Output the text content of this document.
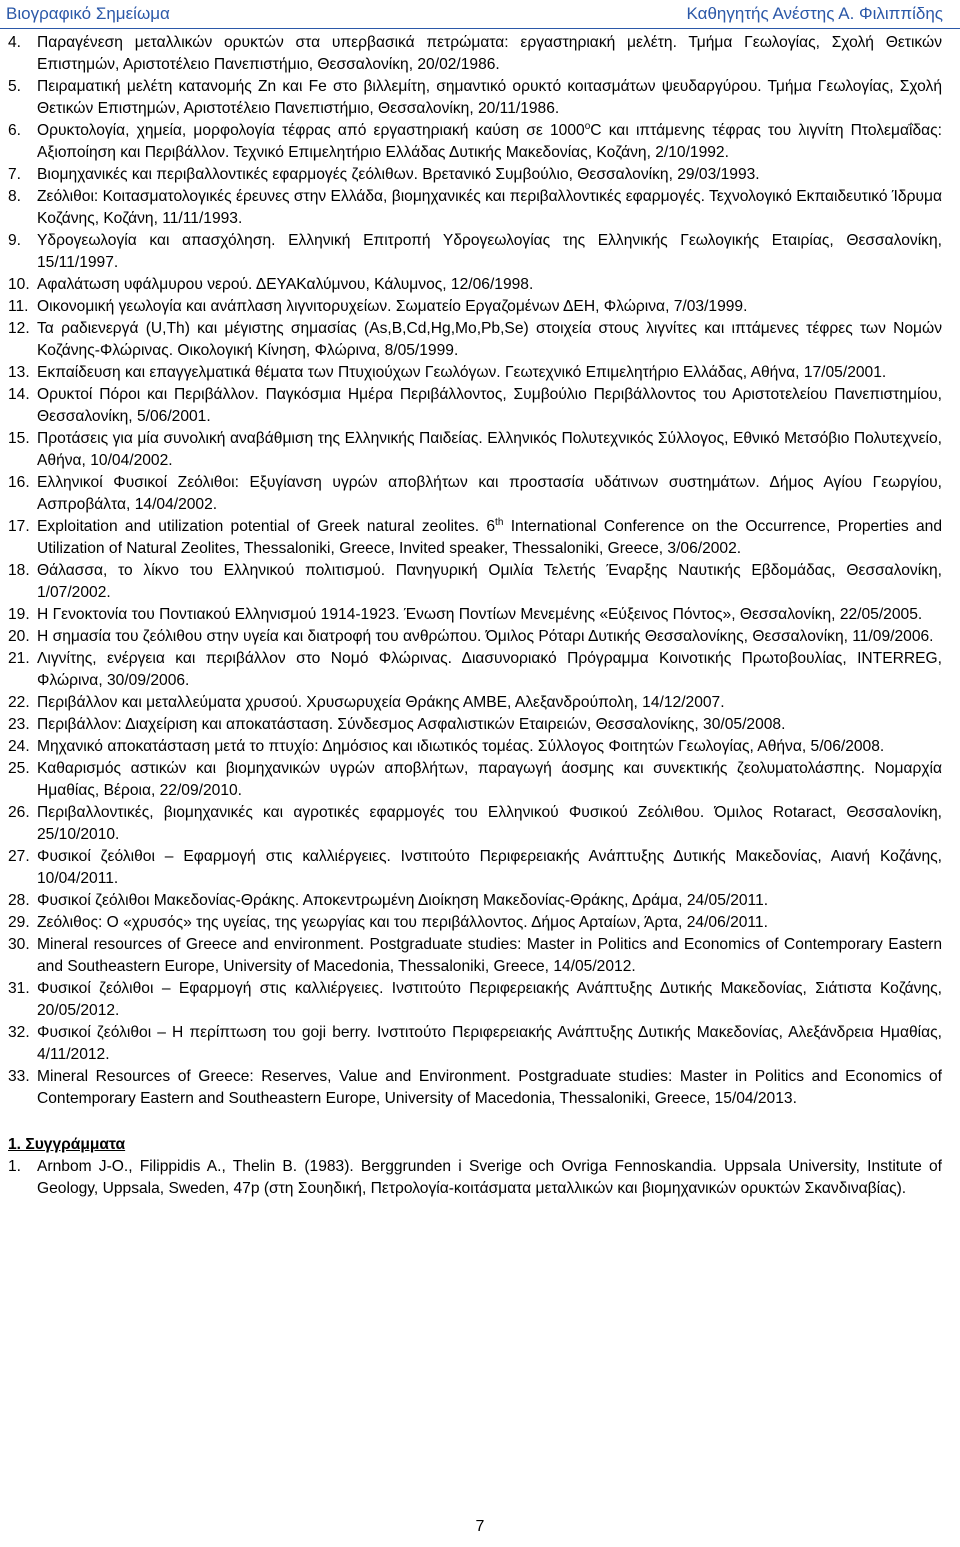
Βιογραφικό Σημείωμα	Καθηγητής Ανέστης Α. Φιλιππίδης
4.	Παραγένεση μεταλλικών ορυκτών στα υπερβασικά πετρώματα: εργαστηριακή μελέτη. Τμήμα Γεωλογίας, Σχολή Θετικών Επιστημών, Αριστοτέλειο Πανεπιστήμιο, Θεσσαλονίκη, 20/02/1986.
5.	Πειραματική μελέτη κατανομής Zn και Fe στο βιλλεμίτη, σημαντικό ορυκτό κοιτασμάτων ψευδαργύρου. Τμήμα Γεωλογίας, Σχολή Θετικών Επιστημών, Αριστοτέλειο Πανεπιστήμιο, Θεσσαλονίκη, 20/11/1986.
6.	Ορυκτολογία, χημεία, μορφολογία τέφρας από εργαστηριακή καύση σε $1000^oC$ και ιπτάμενης τέφρας του λιγνίτη Πτολεμαΐδας: Αξιοποίηση και Περιβάλλον. Τεχνικό Επιμελητήριο Ελλάδας Δυτικής Μακεδονίας, Κοζάνη, 2/10/1992.
7.	Βιομηχανικές και περιβαλλοντικές εφαρμογές ζεόλιθων. Βρετανικό Συμβούλιο, Θεσσαλονίκη, 29/03/1993.
8.	Ζεόλιθοι: Κοιτασματολογικές έρευνες στην Ελλάδα, βιομηχανικές και περιβαλλοντικές εφαρμογές. Τεχνολογικό Εκπαιδευτικό Ίδρυμα Κοζάνης, Κοζάνη, 11/11/1993.
9.	Υδρογεωλογία και απασχόληση. Ελληνική Επιτροπή Υδρογεωλογίας της Ελληνικής Γεωλογικής Εταιρίας, Θεσσαλονίκη, 15/11/1997.
10. Αφαλάτωση υφάλμυρου νερού. ΔΕΥΑΚαλύμνου, Κάλυμνος, 12/06/1998.
11. Οικονομική γεωλογία και ανάπλαση λιγνιτορυχείων. Σωματείο Εργαζομένων ΔΕΗ, Φλώρινα, 7/03/1999.
12. Τα ραδιενεργά (U,Th) και μέγιστης σημασίας (As,B,Cd,Hg,Mo,Pb,Se) στοιχεία στους λιγνίτες και ιπτάμενες τέφρες των Νομών Κοζάνης-Φλώρινας. Οικολογική Κίνηση, Φλώρινα, 8/05/1999.
13. Εκπαίδευση και επαγγελματικά θέματα των Πτυχιούχων Γεωλόγων. Γεωτεχνικό Επιμελητήριο Ελλάδας, Αθήνα, 17/05/2001.
14. Ορυκτοί Πόροι και Περιβάλλον. Παγκόσμια Ημέρα Περιβάλλοντος, Συμβούλιο Περιβάλλοντος του Αριστοτελείου Πανεπιστημίου, Θεσσαλονίκη, 5/06/2001.
15. Προτάσεις για μία συνολική αναβάθμιση της Ελληνικής Παιδείας. Ελληνικός Πολυτεχνικός Σύλλογος, Εθνικό Μετσόβιο Πολυτεχνείο, Αθήνα, 10/04/2002.
16. Ελληνικοί Φυσικοί Ζεόλιθοι: Εξυγίανση υγρών αποβλήτων και προστασία υδάτινων συστημάτων. Δήμος Αγίου Γεωργίου, Ασπροβάλτα, 14/04/2002.
17. Exploitation and utilization potential of Greek natural zeolites. 6th International Conference on the Occurrence, Properties and Utilization of Natural Zeolites, Thessaloniki, Greece, Invited speaker, Thessaloniki, Greece, 3/06/2002.
18. Θάλασσα, το λίκνο του Ελληνικού πολιτισμού. Πανηγυρική Ομιλία Τελετής Έναρξης Ναυτικής Εβδομάδας, Θεσσαλονίκη, 1/07/2002.
19. Η Γενοκτονία του Ποντιακού Ελληνισμού 1914-1923. Ένωση Ποντίων Μενεμένης «Εύξεινος Πόντος», Θεσσαλονίκη, 22/05/2005.
20. Η σημασία του ζεόλιθου στην υγεία και διατροφή του ανθρώπου. Όμιλος Ρόταρι Δυτικής Θεσσαλονίκης, Θεσσαλονίκη, 11/09/2006.
21. Λιγνίτης, ενέργεια και περιβάλλον στο Νομό Φλώρινας. Διασυνοριακό Πρόγραμμα Κοινοτικής Πρωτοβουλίας, INTERREG, Φλώρινα, 30/09/2006.
22. Περιβάλλον και μεταλλεύματα χρυσού. Χρυσωρυχεία Θράκης ΑΜΒΕ, Αλεξανδρούπολη, 14/12/2007.
23. Περιβάλλον: Διαχείριση και αποκατάσταση. Σύνδεσμος Ασφαλιστικών Εταιρειών, Θεσσαλονίκης, 30/05/2008.
24. Μηχανικό αποκατάσταση μετά το πτυχίο: Δημόσιος και ιδιωτικός τομέας. Σύλλογος Φοιτητών Γεωλογίας, Αθήνα, 5/06/2008.
25. Καθαρισμός αστικών και βιομηχανικών υγρών αποβλήτων, παραγωγή άοσμης και συνεκτικής ζεολυματολάσπης. Νομαρχία Ημαθίας, Βέροια, 22/09/2010.
26. Περιβαλλοντικές, βιομηχανικές και αγροτικές εφαρμογές του Ελληνικού Φυσικού Ζεόλιθου. Όμιλος Rotaract, Θεσσαλονίκη, 25/10/2010.
27. Φυσικοί ζεόλιθοι – Εφαρμογή στις καλλιέργειες. Ινστιτούτο Περιφερειακής Ανάπτυξης Δυτικής Μακεδονίας, Αιανή Κοζάνης, 10/04/2011.
28. Φυσικοί ζεόλιθοι Μακεδονίας-Θράκης. Αποκεντρωμένη Διοίκηση Μακεδονίας-Θράκης, Δράμα, 24/05/2011.
29. Ζεόλιθος: Ο «χρυσός» της υγείας, της γεωργίας και του περιβάλλοντος. Δήμος Αρταίων, Άρτα, 24/06/2011.
30. Mineral resources of Greece and environment. Postgraduate studies: Master in Politics and Economics of Contemporary Eastern and Southeastern Europe, University of Macedonia, Thessaloniki, Greece, 14/05/2012.
31. Φυσικοί ζεόλιθοι – Εφαρμογή στις καλλιέργειες. Ινστιτούτο Περιφερειακής Ανάπτυξης Δυτικής Μακεδονίας, Σιάτιστα Κοζάνης, 20/05/2012.
32. Φυσικοί ζεόλιθοι – Η περίπτωση του goji berry. Ινστιτούτο Περιφερειακής Ανάπτυξης Δυτικής Μακεδονίας, Αλεξάνδρεια Ημαθίας, 4/11/2012.
33. Mineral Resources of Greece: Reserves, Value and Environment. Postgraduate studies: Master in Politics and Economics of Contemporary Eastern and Southeastern Europe, University of Macedonia, Thessaloniki, Greece, 15/04/2013.
1. Συγγράμματα
1.	Arnbom J-O., Filippidis A., Thelin B. (1983). Berggrunden i Sverige och Ovriga Fennoskandia. Uppsala University, Institute of Geology, Uppsala, Sweden, 47p (στη Σουηδική, Πετρολογία-κοιτάσματα μεταλλικών και βιομηχανικών ορυκτών Σκανδιναβίας).
7
